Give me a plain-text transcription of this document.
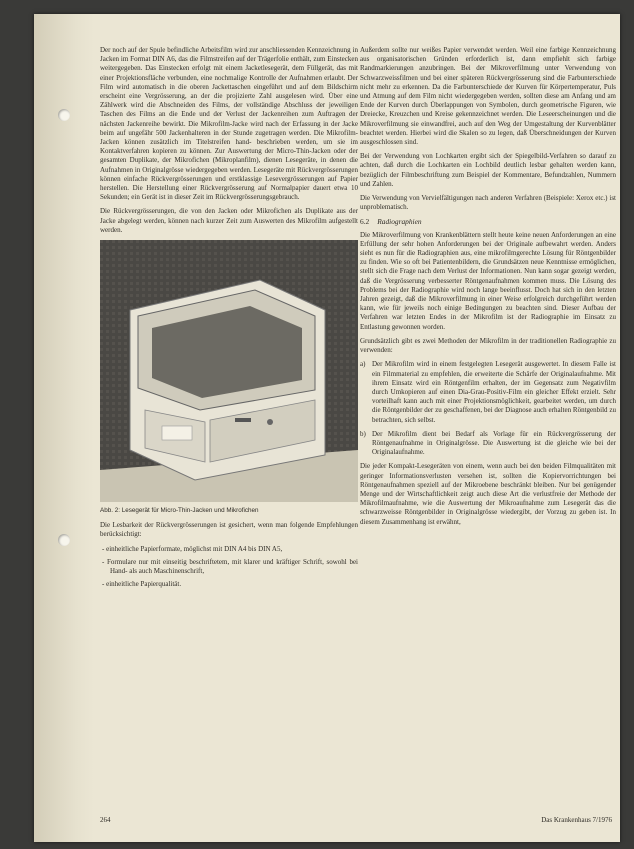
Der noch auf der Spule befindliche Arbeitsfilm wird zur anschliessenden Kennzeichnung in Jacken im Format DIN A6, das die Filmstreifen auf der Trägerfolie enthält, zum Einstecken weitergegeben. Das Einstecken erfolgt mit einem Jacketlesegerät, dem Füllgerät, das mit einer Projektionsfläche verbunden, eine nochmalige Kontrolle der Aufnahmen erlaubt. Der Film wird automatisch in die oberen Jackettaschen eingeführt und auf dem Bildschirm erscheint eine Vergrösserung, an der die projizierte Zahl ausgelesen wird. Über eine Zählwerk wird die Abschneiden des Films, der vollständige Abschluss der jeweiligen Taschen des Films an die Ende und der Verlust der Jackenreihen zum Auftragen der nächsten Jackenreihe bewirkt. Die Mikrofilm-Jacke wird nach der Erfassung in der Jacke beim auf ungefähr 500 Jackenhalteren in der Stunde zugetragen werden. Die Mikrofilm-Jacken können zusätzlich im Titelstreifen hand- beschrieben werden, um sie im Kontaktverfahren kopieren zu können. Zur Auswertung der Micro-Thin-Jacken oder der gesamten Duplikate, der Mikrofichen (Mikroplanfilm), dienen Lesegeräte, in denen die Aufnahmen in Originalgrösse wiedergegeben werden. Lesegeräte mit Rückvergrösserungen können einfache Rückvergrösserungen und erstklassige Lesevergrösserungen auf Papier herstellen. Die Herstellung einer Rückvergrösserung auf Normalpapier dauert etwa 10 Sekunden; ein Gerät ist in dieser Zeit im Rückvergrösserungsgebrauch.

Die Rückvergrösserungen, die von den Jacken oder Mikrofichen als Duplikate aus der Jacke abgelegt werden, können nach kurzer Zeit zum Auswerten des Mikrofilm aufgestellt werden.

Abb. 2: Lesegerät für Micro-Thin-Jacken und Mikrofichen

Die Lesbarkeit der Rückvergrösserungen ist gesichert, wenn man folgende Empfehlungen berücksichtigt:

- einheitliche Papierformate, möglichst mit DIN A4 bis DIN A5,
- Formulare nur mit einseitig beschriftetem, mit klarer und kräftiger Schrift, sowohl bei Hand- als auch Maschinenschrift,
- einheitliche Papierqualität.

Außerdem sollte nur weißes Papier verwendet werden. Weil eine farbige Kennzeichnung aus organisatorischen Gründen erforderlich ist, dann empfiehlt sich farbige Randmarkierungen anzubringen. Bei der Mikroverfilmung unter Verwendung von Schwarzweissfilmen und bei einer späteren Rückvergrösserung sind die Farbunterschiede nicht mehr zu erkennen. Da die Farbunterschiede der Kurven für Körpertemperatur, Puls und Atmung auf dem Film nicht wiedergegeben werden, sollten diese am Anfang und am Ende der Kurven durch Überlappungen von Symbolen, durch geometrische Figuren, wie Dreiecke, Kreuzchen und Kreise gekennzeichnet werden. Die Leseerscheinungen und die Mikroverfilmung sie einwandfrei, auch auf den Weg der Umgestaltung der Kurvenblätter beachtet werden. Hierbei wird die Skalen so zu legen, daß Überschneidungen der Kurven ausgeschlossen sind.

Bei der Verwendung von Lochkarten ergibt sich der Spiegelbild-Verfahren so darauf zu achten, daß durch die Lochkarten ein Lochbild deutlich lesbar gehalten werden kann, bezüglich der Filmbeschriftung zum Beispiel der Kommentare, Befundzahlen, Nummern und Zahlen.

Die Verwendung von Vervielfältigungen nach anderen Verfahren (Beispiele: Xerox etc.) ist unproblematisch.

6.2 Radiographien

Die Mikroverfilmung von Krankenblättern stellt heute keine neuen Anforderungen an eine Erfüllung der sehr hohen Anforderungen bei der Originale aufbewahrt werden. Anders sieht es nun für die Radiographien aus, eine mikrofilmgerechte Lösung für Röntgenbilder zu finden. Wie so oft bei Patientenbildern, die Grundsätzen neue Kenntnisse ermöglichen, stellt sich die Frage nach dem Verlust der Informationen. Nun kann sogar gezeigt werden, daß die Vergrösserung verbesserter Röntgenaufnahmen kommen muss. Die Lösung des Problems bei der Radiographie wird noch lange beeinflusst. Doch hat sich in den letzten Jahren gezeigt, daß die Mikroverfilmung in einer Weise erfolgreich durchgeführt werden kann, wie für jeweils noch einige Bedingungen zu beachten sind. Dieser Aufbau der Verfahren war letzten Endes in der Mikrofilm ist der Radiographie im Einsatz zu Entlastung gewonnen worden.

Grundsätzlich gibt es zwei Methoden der Mikrofilm in der traditionellen Radiographie zu verwenden:

a) Der Mikrofilm wird in einem festgelegten Lesegerät ausgewertet. In diesem Falle ist ein Filmmaterial zu empfehlen, die erweiterte die Schärfe der Originalaufnahme. Mit ihrem Einsatz wird ein Röntgenfilm erhalten, der im Gegensatz zum Negativfilm durch Umkopieren auf einen Dia-Grau-Positiv-Film ein gleicher Effekt erzielt. Sehr vorteilhaft kann auch mit einer Projektionsmöglichkeit, gearbeitet werden, um durch die Röntgenbilder der zu geschaffenen, bei der Diagnose auch erhalten Röntgenbild zu betrachten, sich selbst.
b) Der Mikrofilm dient bei Bedarf als Vorlage für ein Rückvergrösserung der Röntgenaufnahme in Originalgrösse. Die Auswertung ist die gleiche wie bei der Originalaufnahme.

Die jeder Kompakt-Lesegeräten von einem, wenn auch bei den beiden Filmqualitäten mit geringer Informationsverlusten versehen ist, sollten die Kopiervorrichtungen bei Röntgenaufnahmen speziell auf der Mikroebene beschränkt bleiben. Nur bei genügender Menge und der Wirtschaftlichkeit zeigt auch diese Art die verlustfreie der Methode der Mikrofilmaufnahme, wie die Auswertung der Mikroaufnahme zum Lesegerät das die schwarzweisse Röntgenbilder in Originalgrösse wiedergibt, der Vorzug zu geben ist. In diesem Zusammenhang ist erwähnt,

264	Das Krankenhaus 7/1976
